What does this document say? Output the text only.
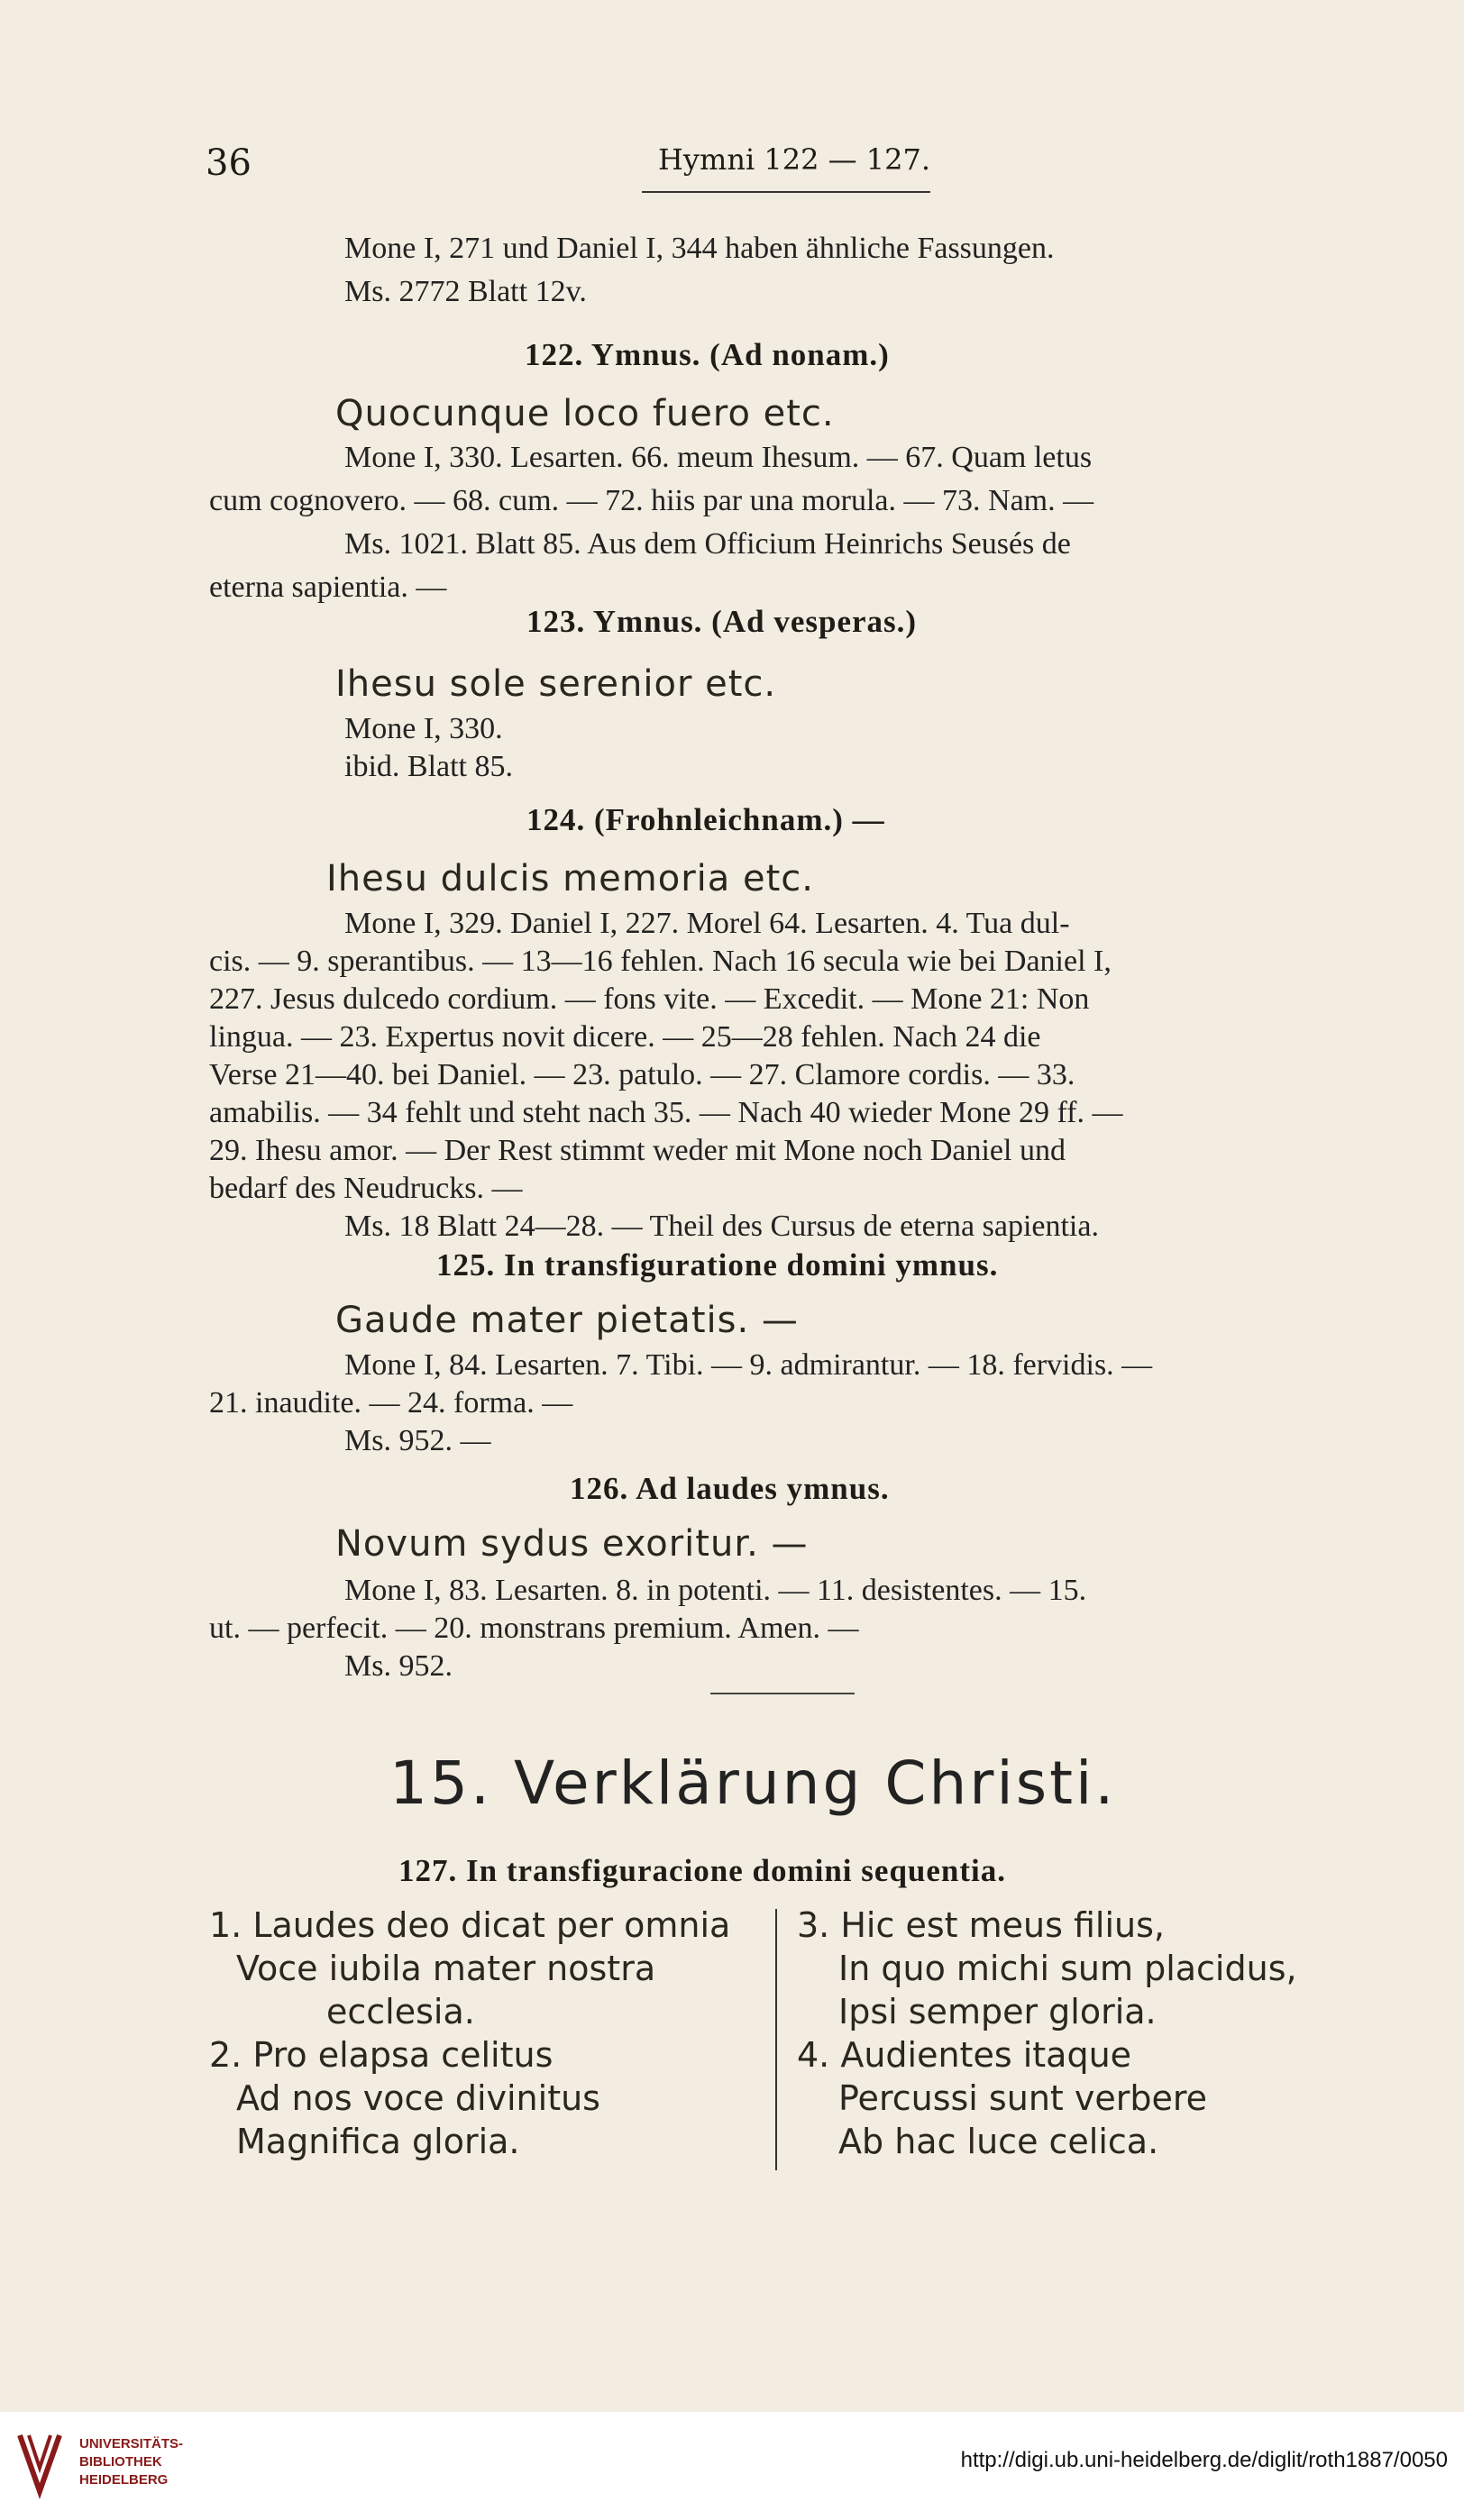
36	Hymni 122 — 127.
Mone I, 271 und Daniel I, 344 haben ähnliche Fassungen.
Ms. 2772 Blatt 12v.
122. Ymnus. (Ad nonam.)
Quocunque loco fuero etc.
Mone I, 330. Lesarten. 66. meum Ihesum. — 67. Quam letus
cum cognovero. — 68. cum. — 72. hiis par una morula. — 73. Nam. —
Ms. 1021. Blatt 85. Aus dem Officium Heinrichs Seusés de
eterna sapientia. —
123. Ymnus. (Ad vesperas.)
Ihesu sole serenior etc.
Mone I, 330.
ibid. Blatt 85.
124. (Frohnleichnam.) —
Ihesu dulcis memoria etc.
Mone I, 329. Daniel I, 227. Morel 64. Lesarten. 4. Tua dul-
cis. — 9. sperantibus. — 13—16 fehlen. Nach 16 secula wie bei Daniel I,
227. Jesus dulcedo cordium. — fons vite. — Excedit. — Mone 21: Non
lingua. — 23. Expertus novit dicere. — 25—28 fehlen. Nach 24 die
Verse 21—40. bei Daniel. — 23. patulo. — 27. Clamore cordis. — 33.
amabilis. — 34 fehlt und steht nach 35. — Nach 40 wieder Mone 29 ff. —
29. Ihesu amor. — Der Rest stimmt weder mit Mone noch Daniel und
bedarf des Neudrucks. —
Ms. 18 Blatt 24—28. — Theil des Cursus de eterna sapientia.
125. In transfiguratione domini ymnus.
Gaude mater pietatis. —
Mone I, 84. Lesarten. 7. Tibi. — 9. admirantur. — 18. fervidis. —
21. inaudite. — 24. forma. —
Ms. 952. —
126. Ad laudes ymnus.
Novum sydus exoritur. —
Mone I, 83. Lesarten. 8. in potenti. — 11. desistentes. — 15.
ut. — perfecit. — 20. monstrans premium. Amen. —
Ms. 952.
15. Verklärung Christi.
127. In transfiguracione domini sequentia.
1. Laudes deo dicat per omnia
Voce iubila mater nostra
ecclesia.
2. Pro elapsa celitus
Ad nos voce divinitus
Magnifica gloria.
3. Hic est meus filius,
In quo michi sum placidus,
Ipsi semper gloria.
4. Audientes itaque
Percussi sunt verbere
Ab hac luce celica.
UNIVERSITÄTS-
BIBLIOTHEK
HEIDELBERG
http://digi.ub.uni-heidelberg.de/diglit/roth1887/0050
